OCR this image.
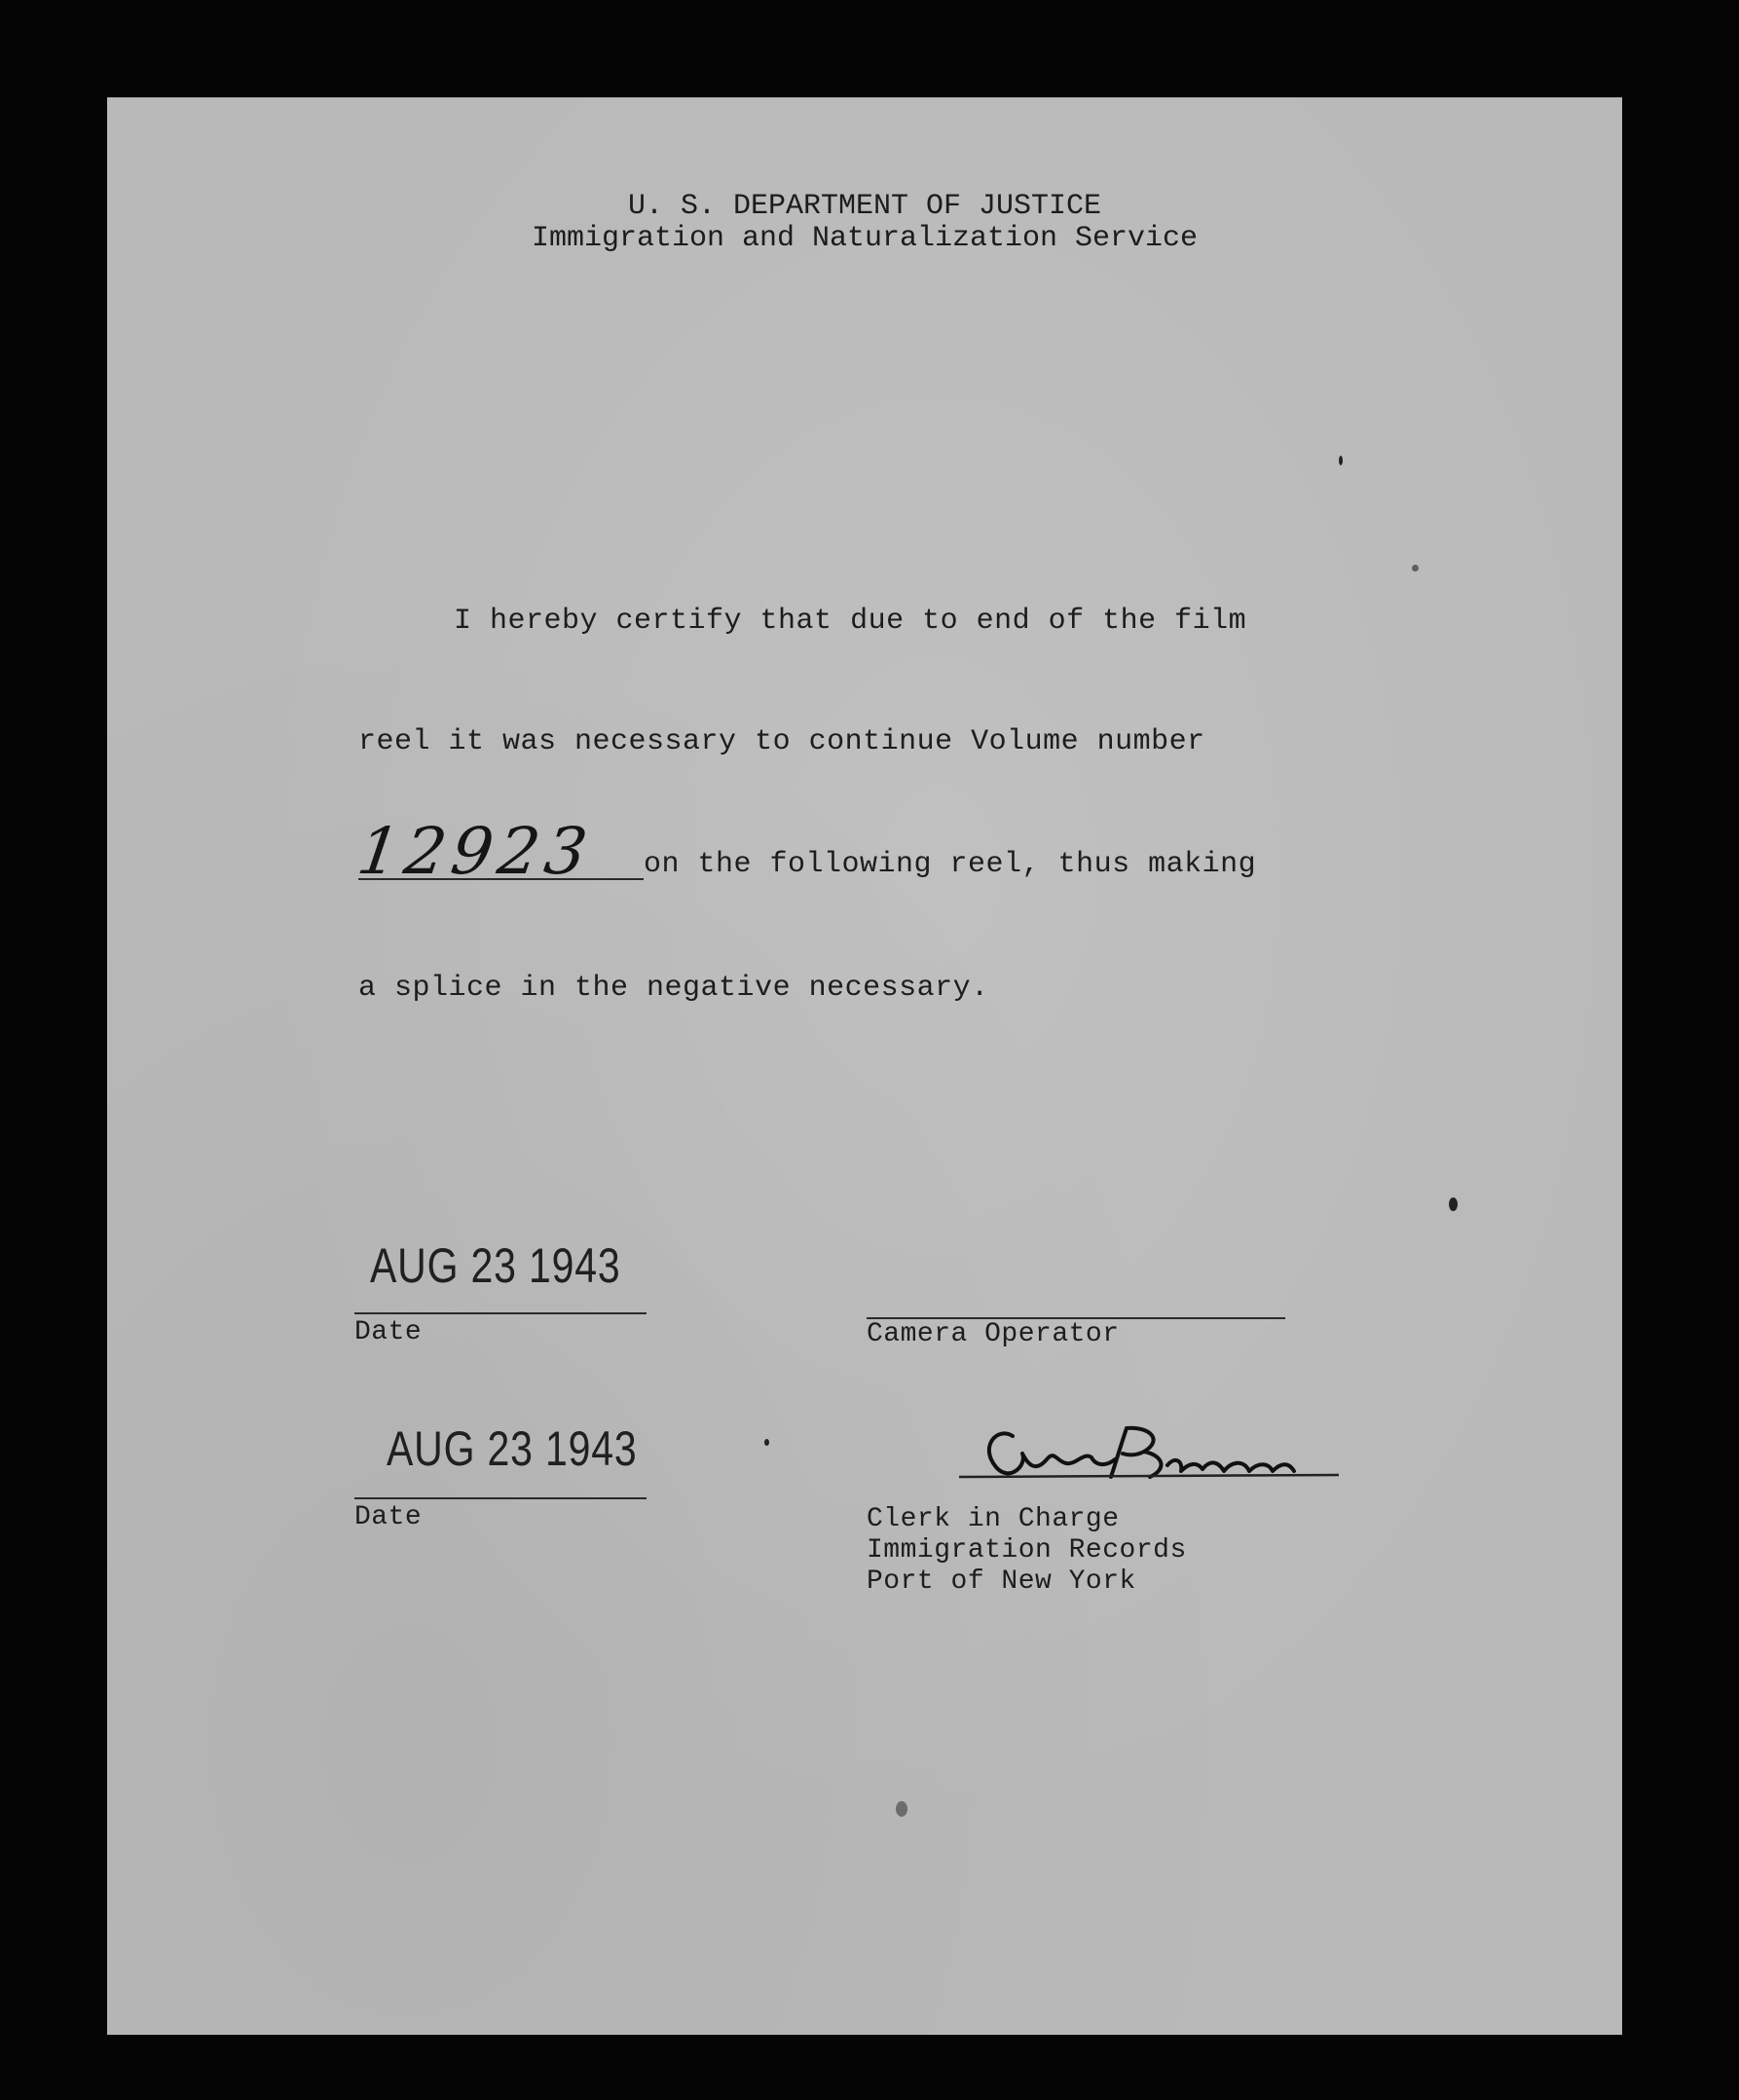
U. S. DEPARTMENT OF JUSTICE
Immigration and Naturalization Service
I hereby certify that due to end of the film
reel it was necessary to continue Volume number
12923 on the following reel, thus making
a splice in the negative necessary.
AUG 23 1943
Date	Camera Operator
AUG 23 1943
Date	Clerk in Charge
Immigration Records
Port of New York
